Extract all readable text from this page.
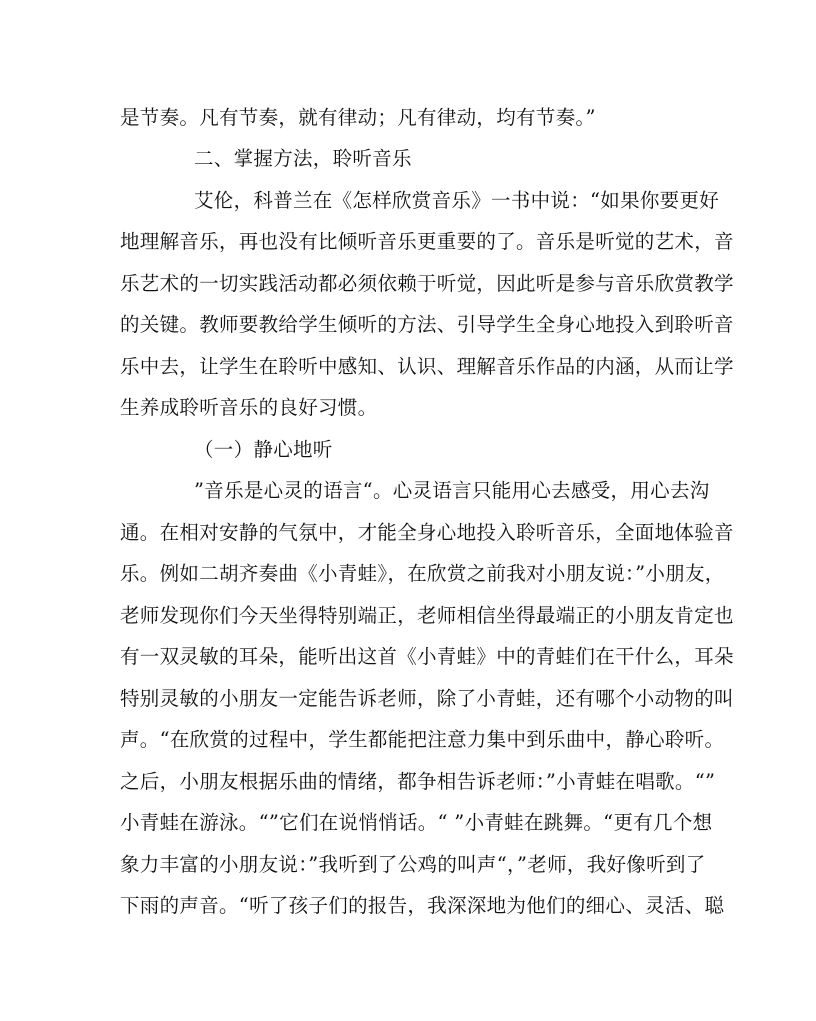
是节奏。凡有节奏，就有律动；凡有律动，均有节奏。”
二、掌握方法，聆听音乐
艾伦，科普兰在《怎样欣赏音乐》一书中说：“如果你要更好
地理解音乐，再也没有比倾听音乐更重要的了。音乐是听觉的艺术，音
乐艺术的一切实践活动都必须依赖于听觉，因此听是参与音乐欣赏教学
的关键。教师要教给学生倾听的方法、引导学生全身心地投入到聆听音
乐中去，让学生在聆听中感知、认识、理解音乐作品的内涵，从而让学
生养成聆听音乐的良好习惯。
（一）静心地听
”音乐是心灵的语言“。心灵语言只能用心去感受，用心去沟
通。在相对安静的气氛中，才能全身心地投入聆听音乐，全面地体验音
乐。例如二胡齐奏曲《小青蛙》，在欣赏之前我对小朋友说：”小朋友，
老师发现你们今天坐得特别端正，老师相信坐得最端正的小朋友肯定也
有一双灵敏的耳朵，能听出这首《小青蛙》中的青蛙们在干什么，耳朵
特别灵敏的小朋友一定能告诉老师，除了小青蛙，还有哪个小动物的叫
声。“在欣赏的过程中，学生都能把注意力集中到乐曲中，静心聆听。
之后，小朋友根据乐曲的情绪，都争相告诉老师：”小青蛙在唱歌。“”
小青蛙在游泳。“”它们在说悄悄话。“ ”小青蛙在跳舞。“更有几个想
象力丰富的小朋友说：”我听到了公鸡的叫声“，”老师，我好像听到了
下雨的声音。“听了孩子们的报告，我深深地为他们的细心、灵活、聪
